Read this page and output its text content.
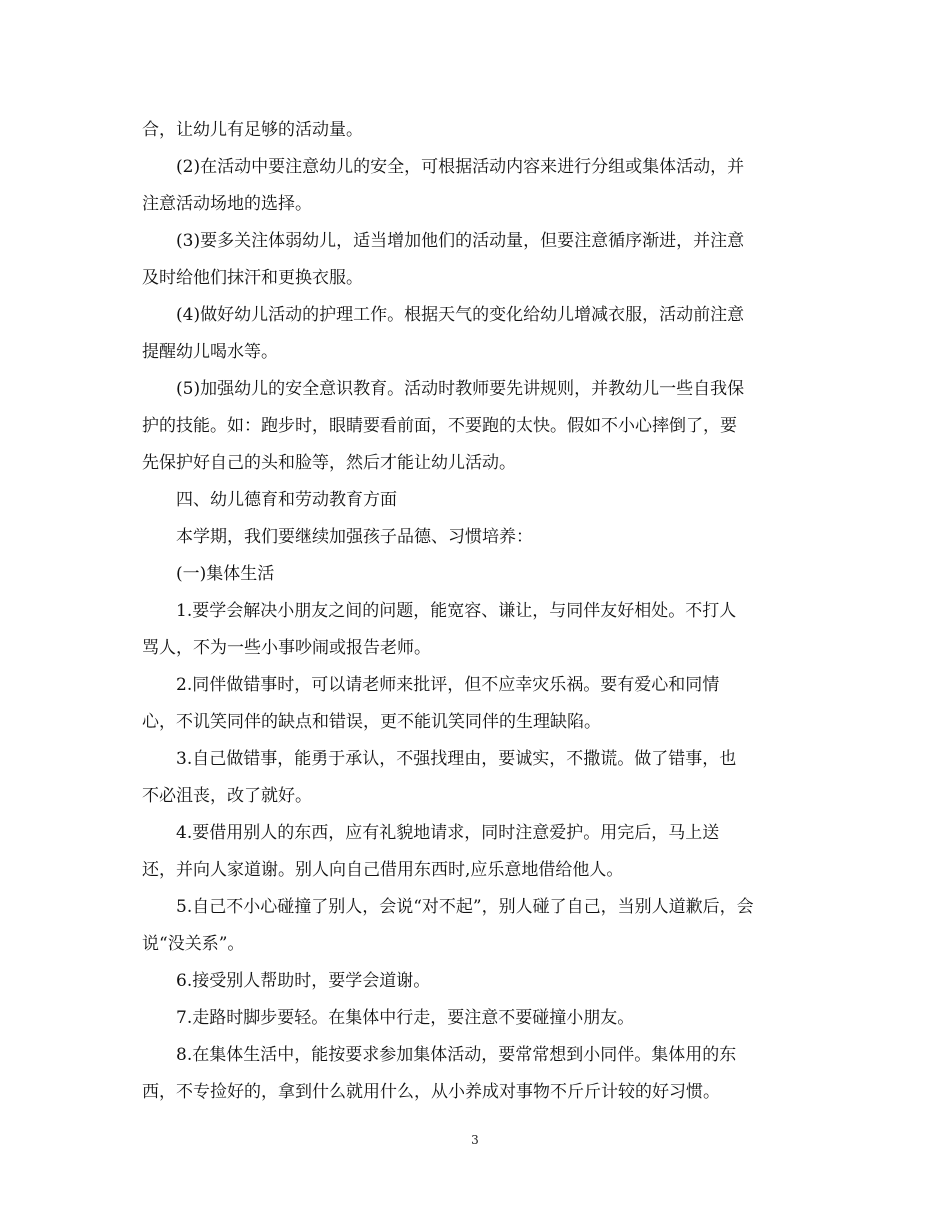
合，让幼儿有足够的活动量。

(2)在活动中要注意幼儿的安全，可根据活动内容来进行分组或集体活动，并

注意活动场地的选择。

(3)要多关注体弱幼儿，适当增加他们的活动量，但要注意循序渐进，并注意

及时给他们抹汗和更换衣服。

(4)做好幼儿活动的护理工作。根据天气的变化给幼儿增减衣服，活动前注意

提醒幼儿喝水等。

(5)加强幼儿的安全意识教育。活动时教师要先讲规则，并教幼儿一些自我保

护的技能。如：跑步时，眼睛要看前面，不要跑的太快。假如不小心摔倒了，要

先保护好自己的头和脸等，然后才能让幼儿活动。

四、幼儿德育和劳动教育方面

本学期，我们要继续加强孩子品德、习惯培养：

(一)集体生活

1.要学会解决小朋友之间的问题，能宽容、谦让，与同伴友好相处。不打人

骂人，不为一些小事吵闹或报告老师。

2.同伴做错事时，可以请老师来批评，但不应幸灾乐祸。要有爱心和同情

心，不讥笑同伴的缺点和错误，更不能讥笑同伴的生理缺陷。

3.自己做错事，能勇于承认，不强找理由，要诚实，不撒谎。做了错事，也

不必沮丧，改了就好。

4.要借用别人的东西，应有礼貌地请求，同时注意爱护。用完后，马上送

还，并向人家道谢。别人向自己借用东西时,应乐意地借给他人。

5.自己不小心碰撞了别人，会说“对不起”，别人碰了自己，当别人道歉后，会

说“没关系”。

6.接受别人帮助时，要学会道谢。

7.走路时脚步要轻。在集体中行走，要注意不要碰撞小朋友。

8.在集体生活中，能按要求参加集体活动，要常常想到小同伴。集体用的东

西，不专捡好的，拿到什么就用什么，从小养成对事物不斤斤计较的好习惯。

3
